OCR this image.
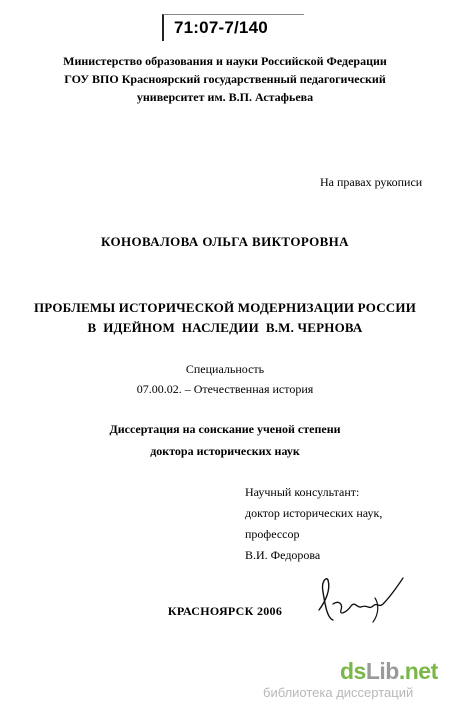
71:07-7/140
Министерство образования и науки Российской Федерации
ГОУ ВПО Красноярский государственный педагогический
университет им. В.П. Астафьева
На правах рукописи
КОНОВАЛОВА ОЛЬГА ВИКТОРОВНА
ПРОБЛЕМЫ ИСТОРИЧЕСКОЙ МОДЕРНИЗАЦИИ РОССИИ
В  ИДЕЙНОМ  НАСЛЕДИИ  В.М. ЧЕРНОВА
Специальность
07.00.02. – Отечественная история
Диссертация на соискание ученой степени
доктора исторических наук
Научный консультант:
доктор исторических наук,
профессор
В.И. Федорова
КРАСНОЯРСК 2006
dsLib.net
библиотека диссертаций
